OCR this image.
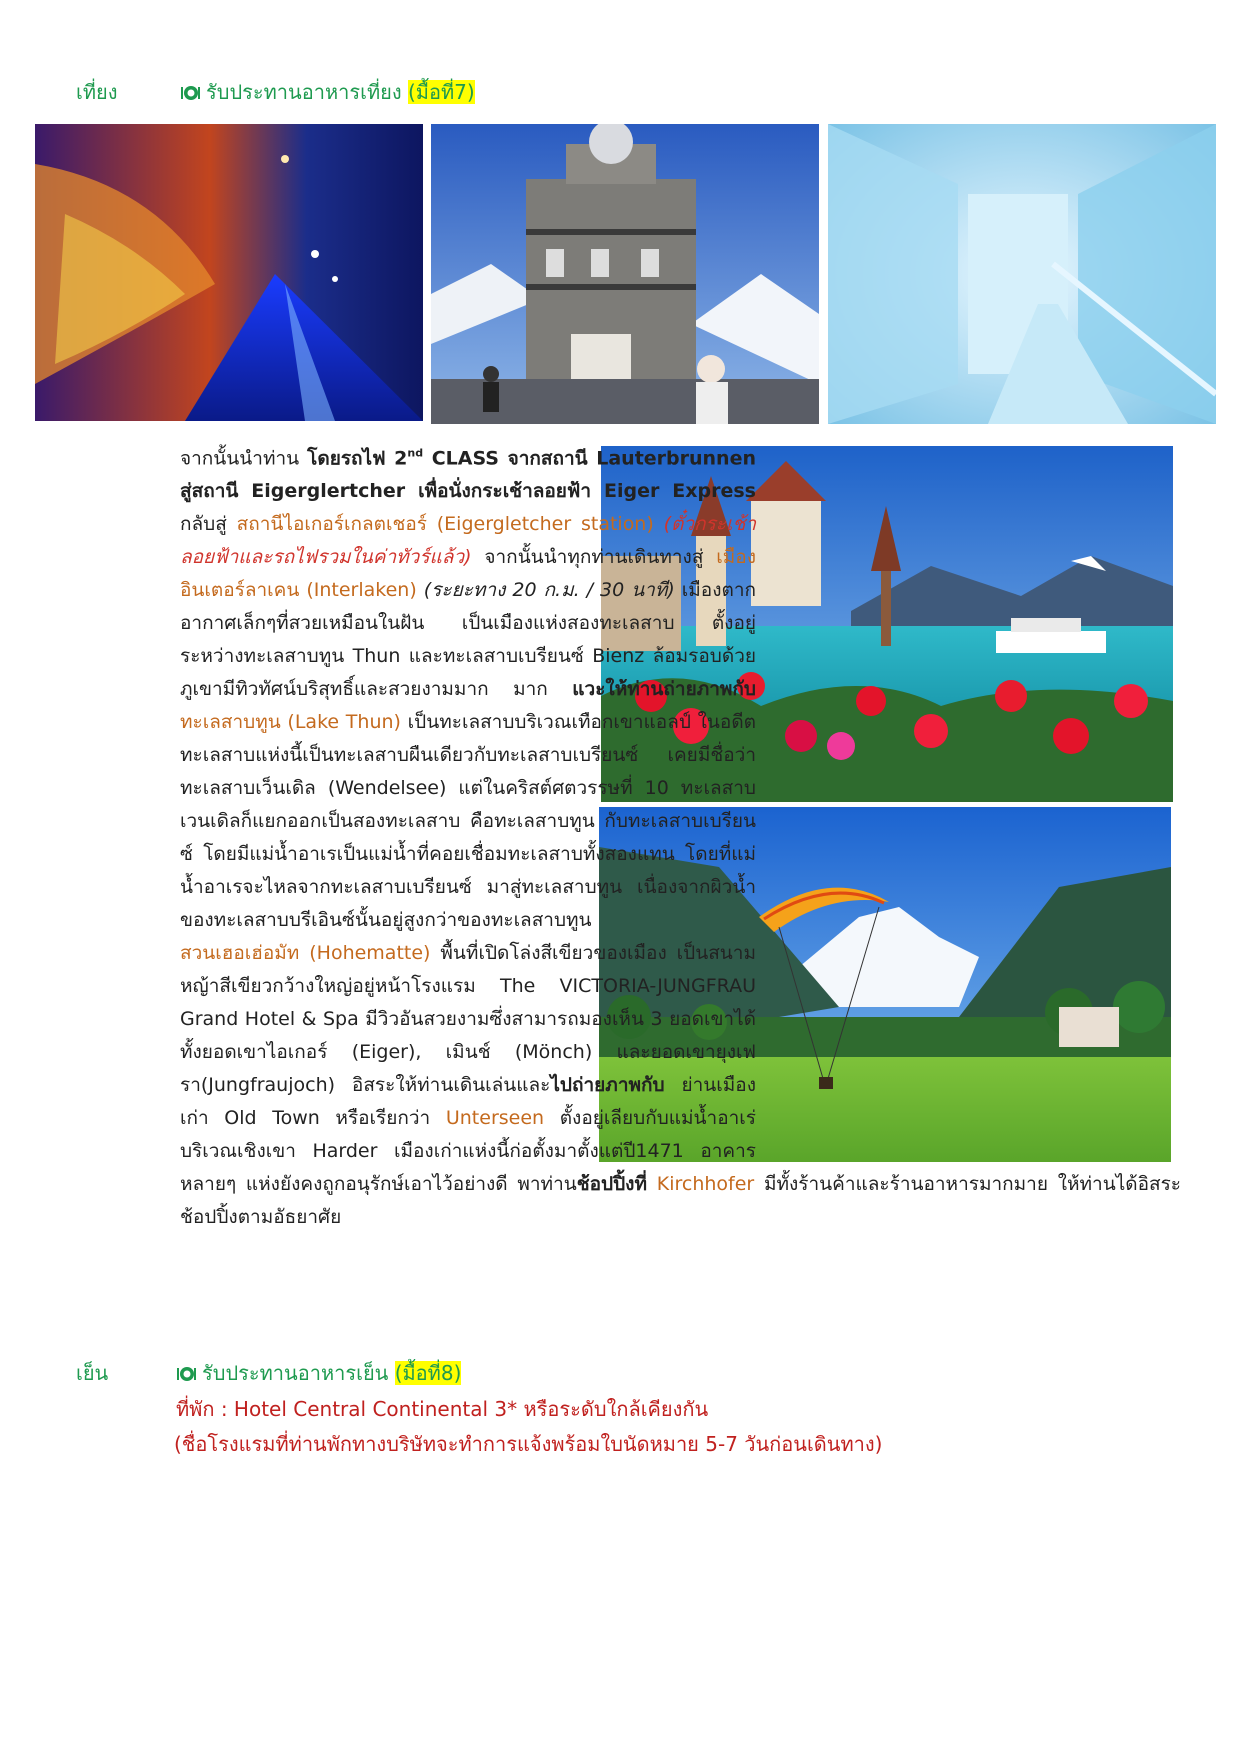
เที่ยง	รับประทานอาหารเที่ยง (มื้อที่7)
จากนั้นนำท่าน โดยรถไฟ 2nd CLASS จากสถานี Lauterbrunnen สู่สถานี Eigerglertcher เพื่อนั่งกระเช้าลอยฟ้า Eiger Express กลับสู่ สถานีไอเกอร์เกลตเชอร์ (Eigergletcher station) (ตั๋วกระเช้าลอยฟ้าและรถไฟรวมในค่าทัวร์แล้ว) จากนั้นนำทุกท่านเดินทางสู่ เมืองอินเตอร์ลาเคน (Interlaken) (ระยะทาง 20 ก.ม. / 30 นาที) เมืองตากอากาศเล็กๆที่สวยเหมือนในฝัน เป็นเมืองแห่งสองทะเลสาบ ตั้งอยู่ระหว่างทะเลสาบทูน Thun และทะเลสาบเบรียนซ์ Bienz ล้อมรอบด้วยภูเขามีทิวทัศน์บริสุทธิ์และสวยงามมาก มาก แวะให้ท่านถ่ายภาพกับ ทะเลสาบทูน (Lake Thun) เป็นทะเลสาบบริเวณเทือกเขาแอลป์ ในอดีตทะเลสาบแห่งนี้เป็นทะเลสาบผืนเดียวกับทะเลสาบเบรียนซ์ เคยมีชื่อว่า ทะเลสาบเว็นเดิล (Wendelsee) แต่ในคริสต์ศตวรรษที่ 10 ทะเลสาบเวนเดิลก็แยกออกเป็นสองทะเลสาบ คือทะเลสาบทูน กับทะเลสาบเบรียนซ์ โดยมีแม่น้ำอาเรเป็นแม่น้ำที่คอยเชื่อมทะเลสาบทั้งสองแทน โดยที่แม่น้ำอาเรจะไหลจากทะเลสาบเบรียนซ์ มาสู่ทะเลสาบทูน เนื่องจากผิวน้ำของทะเลสาบบรีเอินซ์นั้นอยู่สูงกว่าของทะเลสาบทูน
สวนเฮอเฮ่อมัท (Hohematte) พื้นที่เปิดโล่งสีเขียวของเมือง เป็นสนามหญ้าสีเขียวกว้างใหญ่อยู่หน้าโรงแรม The VICTORIA-JUNGFRAU Grand Hotel & Spa มีวิวอันสวยงามซึ่งสามารถมองเห็น 3 ยอดเขาได้ทั้งยอดเขาไอเกอร์ (Eiger), เมินช์ (Mönch) และยอดเขายุงเฟรา(Jungfraujoch) อิสระให้ท่านเดินเล่นและไปถ่ายภาพกับ ย่านเมืองเก่า Old Town หรือเรียกว่า Unterseen ตั้งอยู่เลียบกับแม่น้ำอาเร่ บริเวณเชิงเขา Harder เมืองเก่าแห่งนี้ก่อตั้งมาตั้งแต่ปี1471 อาคารหลายๆ แห่งยังคงถูกอนุรักษ์เอาไว้อย่างดี พาท่านช้อปปิ้งที่ Kirchhofer มีทั้งร้านค้าและร้านอาหารมากมาย ให้ท่านได้อิสระช้อปปิ้งตามอัธยาศัย
เย็น	รับประทานอาหารเย็น (มื้อที่8)
ที่พัก : Hotel Central Continental 3* หรือระดับใกล้เคียงกัน
(ชื่อโรงแรมที่ท่านพักทางบริษัทจะทำการแจ้งพร้อมใบนัดหมาย 5-7 วันก่อนเดินทาง)
